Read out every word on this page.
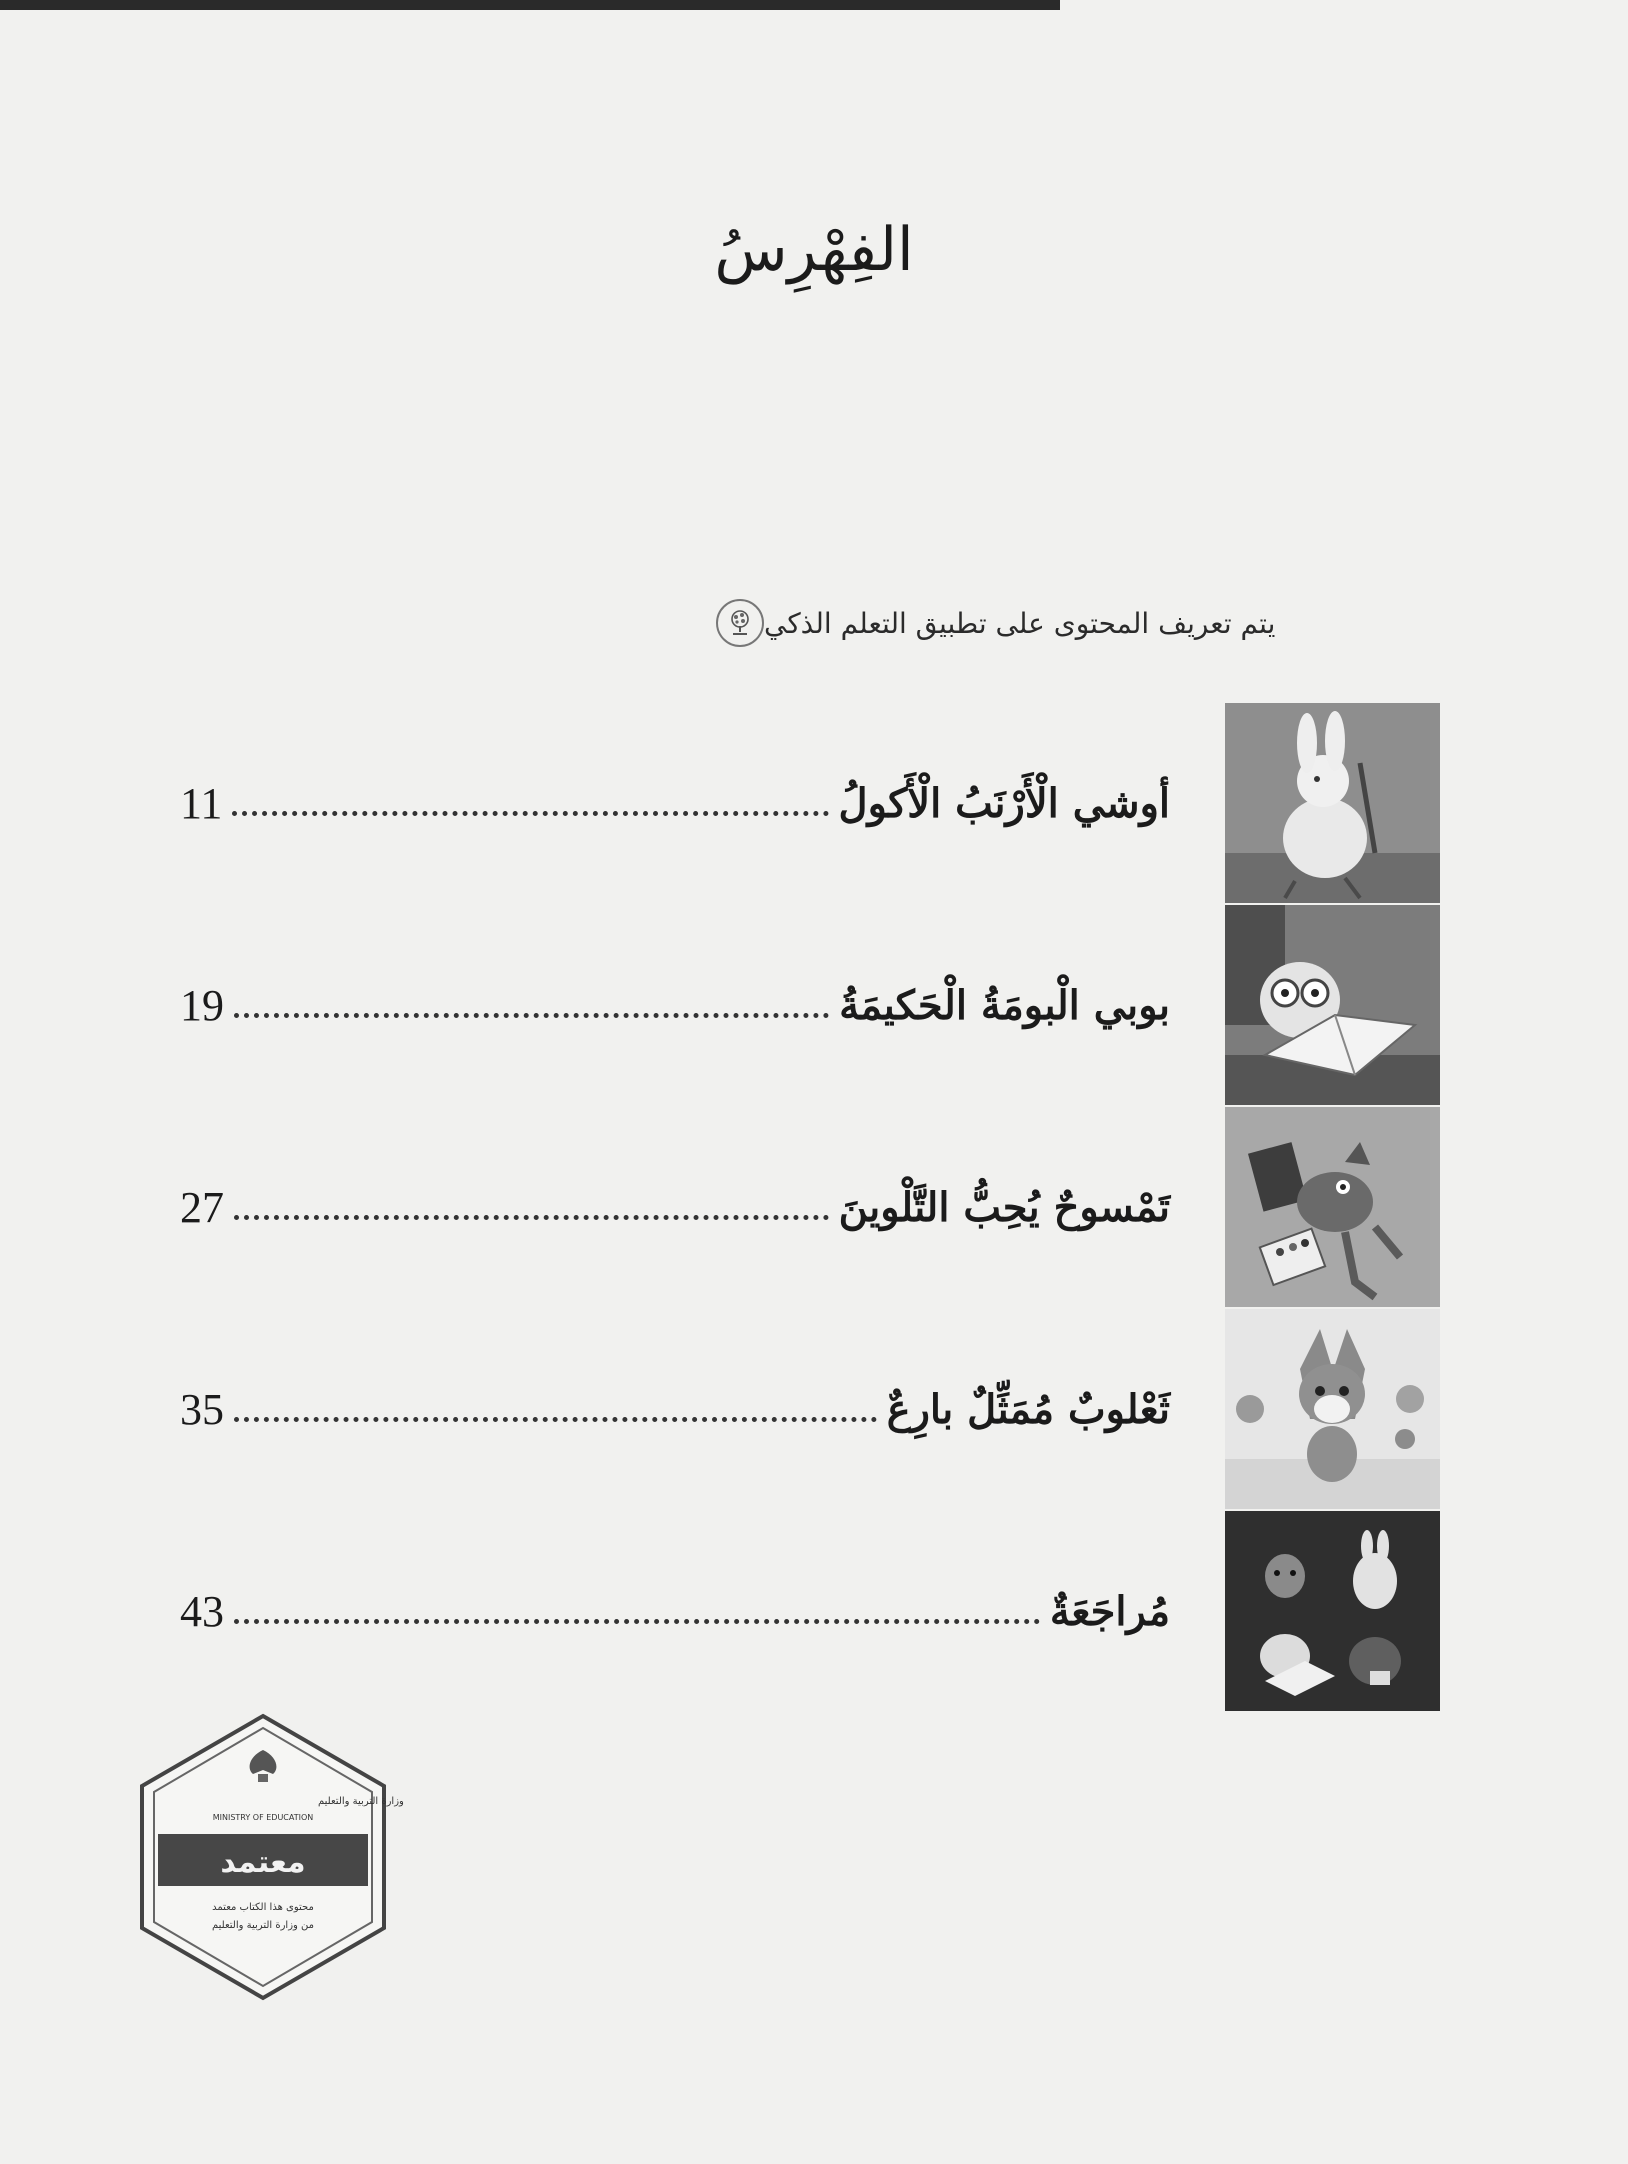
الفِهْرِسُ
يتم تعريف المحتوى على تطبيق التعلم الذكي
أوشي الْأَرْنَبُ الْأَكولُ
11
بوبي الْبومَةُ الْحَكيمَةُ
19
تَمْسوحٌ يُحِبُّ التَّلْوينَ
27
ثَعْلوبٌ مُمَثِّلٌ بارِعٌ
35
مُراجَعَةٌ
43
وزارة التربية والتعليم
MINISTRY OF EDUCATION
معتمد
محتوى هذا الكتاب معتمد
من وزارة التربية والتعليم
